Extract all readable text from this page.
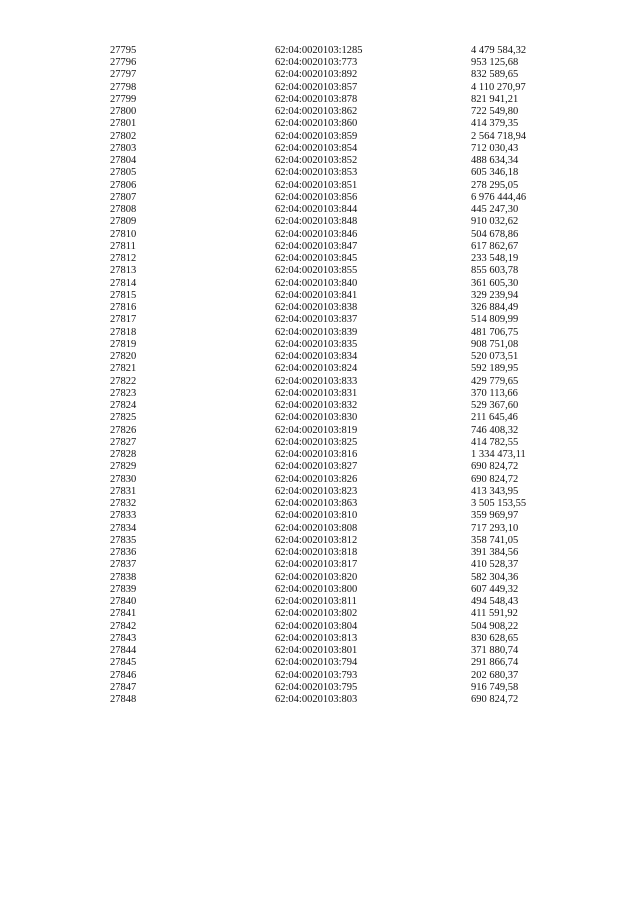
27795	62:04:0020103:1285	4 479 584,32
27796	62:04:0020103:773	953 125,68
27797	62:04:0020103:892	832 589,65
27798	62:04:0020103:857	4 110 270,97
27799	62:04:0020103:878	821 941,21
27800	62:04:0020103:862	722 549,80
27801	62:04:0020103:860	414 379,35
27802	62:04:0020103:859	2 564 718,94
27803	62:04:0020103:854	712 030,43
27804	62:04:0020103:852	488 634,34
27805	62:04:0020103:853	605 346,18
27806	62:04:0020103:851	278 295,05
27807	62:04:0020103:856	6 976 444,46
27808	62:04:0020103:844	445 247,30
27809	62:04:0020103:848	910 032,62
27810	62:04:0020103:846	504 678,86
27811	62:04:0020103:847	617 862,67
27812	62:04:0020103:845	233 548,19
27813	62:04:0020103:855	855 603,78
27814	62:04:0020103:840	361 605,30
27815	62:04:0020103:841	329 239,94
27816	62:04:0020103:838	326 884,49
27817	62:04:0020103:837	514 809,99
27818	62:04:0020103:839	481 706,75
27819	62:04:0020103:835	908 751,08
27820	62:04:0020103:834	520 073,51
27821	62:04:0020103:824	592 189,95
27822	62:04:0020103:833	429 779,65
27823	62:04:0020103:831	370 113,66
27824	62:04:0020103:832	529 367,60
27825	62:04:0020103:830	211 645,46
27826	62:04:0020103:819	746 408,32
27827	62:04:0020103:825	414 782,55
27828	62:04:0020103:816	1 334 473,11
27829	62:04:0020103:827	690 824,72
27830	62:04:0020103:826	690 824,72
27831	62:04:0020103:823	413 343,95
27832	62:04:0020103:863	3 505 153,55
27833	62:04:0020103:810	359 969,97
27834	62:04:0020103:808	717 293,10
27835	62:04:0020103:812	358 741,05
27836	62:04:0020103:818	391 384,56
27837	62:04:0020103:817	410 528,37
27838	62:04:0020103:820	582 304,36
27839	62:04:0020103:800	607 449,32
27840	62:04:0020103:811	494 548,43
27841	62:04:0020103:802	411 591,92
27842	62:04:0020103:804	504 908,22
27843	62:04:0020103:813	830 628,65
27844	62:04:0020103:801	371 880,74
27845	62:04:0020103:794	291 866,74
27846	62:04:0020103:793	202 680,37
27847	62:04:0020103:795	916 749,58
27848	62:04:0020103:803	690 824,72
